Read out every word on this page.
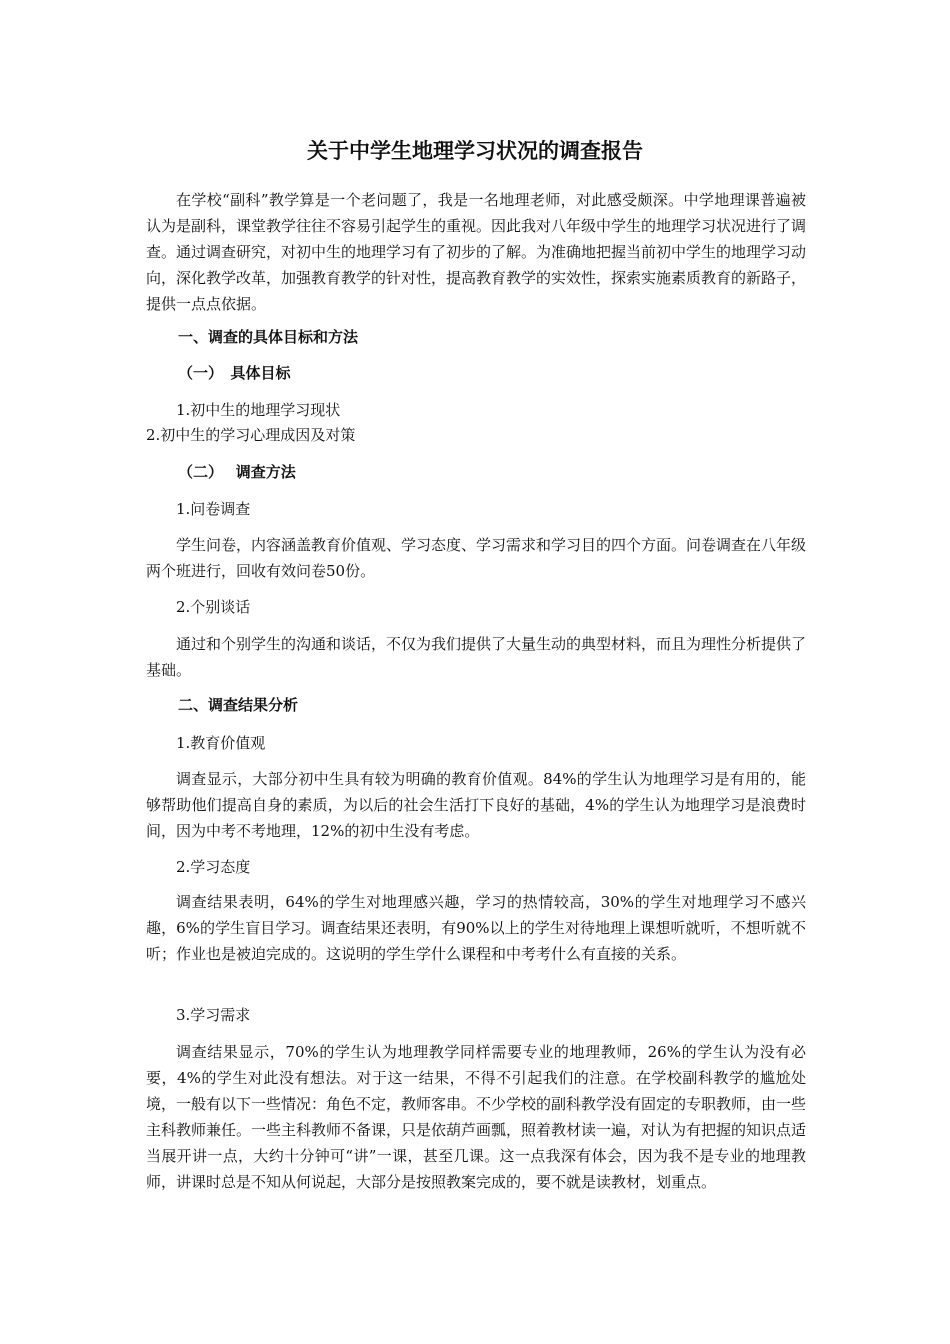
关于中学生地理学习状况的调查报告

在学校“副科”教学算是一个老问题了，我是一名地理老师，对此感受颇深。中学地理课普遍被认为是副科，课堂教学往往不容易引起学生的重视。因此我对八年级中学生的地理学习状况进行了调查。通过调查研究，对初中生的地理学习有了初步的了解。为准确地把握当前初中学生的地理学习动向，深化教学改革，加强教育教学的针对性，提高教育教学的实效性，探索实施素质教育的新路子，提供一点点依据。

一、调查的具体目标和方法
（一）　具体目标
1.初中生的地理学习现状
2.初中生的学习心理成因及对策
（二）　 调查方法
1.问卷调查

学生问卷，内容涵盖教育价值观、学习态度、学习需求和学习目的四个方面。问卷调查在八年级两个班进行，回收有效问卷50份。

2.个别谈话

通过和个别学生的沟通和谈话，不仅为我们提供了大量生动的典型材料，而且为理性分析提供了基础。

二、调查结果分析
1.教育价值观

调查显示，大部分初中生具有较为明确的教育价值观。84%的学生认为地理学习是有用的，能够帮助他们提高自身的素质，为以后的社会生活打下良好的基础，4%的学生认为地理学习是浪费时间，因为中考不考地理，12%的初中生没有考虑。

2.学习态度

调查结果表明，64%的学生对地理感兴趣，学习的热情较高，30%的学生对地理学习不感兴趣，6%的学生盲目学习。调查结果还表明，有90%以上的学生对待地理上课想听就听，不想听就不听；作业也是被迫完成的。这说明的学生学什么课程和中考考什么有直接的关系。

3.学习需求

调查结果显示，70%的学生认为地理教学同样需要专业的地理教师，26%的学生认为没有必要，4%的学生对此没有想法。对于这一结果，不得不引起我们的注意。在学校副科教学的尴尬处境，一般有以下一些情况：角色不定，教师客串。不少学校的副科教学没有固定的专职教师，由一些主科教师兼任。一些主科教师不备课，只是依葫芦画瓢，照着教材读一遍，对认为有把握的知识点适当展开讲一点，大约十分钟可“讲”一课，甚至几课。这一点我深有体会，因为我不是专业的地理教师，讲课时总是不知从何说起，大部分是按照教案完成的，要不就是读教材，划重点。
